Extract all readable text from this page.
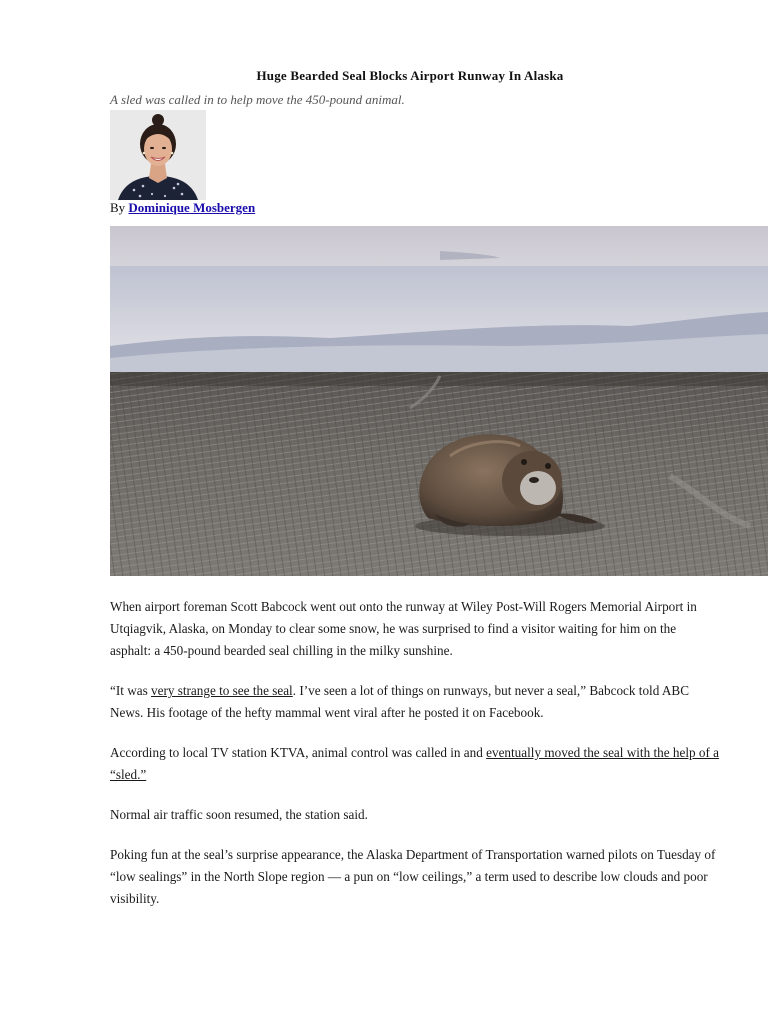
Huge Bearded Seal Blocks Airport Runway In Alaska
A sled was called in to help move the 450-pound animal.
By Dominique Mosbergen

When airport foreman Scott Babcock went out onto the runway at Wiley Post-Will Rogers Memorial Airport in Utqiagvik, Alaska, on Monday to clear some snow, he was surprised to find a visitor waiting for him on the asphalt: a 450-pound bearded seal chilling in the milky sunshine.

“It was very strange to see the seal. I’ve seen a lot of things on runways, but never a seal,” Babcock told ABC News. His footage of the hefty mammal went viral after he posted it on Facebook.

According to local TV station KTVA, animal control was called in and eventually moved the seal with the help of a “sled.”

Normal air traffic soon resumed, the station said.

Poking fun at the seal’s surprise appearance, the Alaska Department of Transportation warned pilots on Tuesday of “low sealings” in the North Slope region — a pun on “low ceilings,” a term used to describe low clouds and poor visibility.
